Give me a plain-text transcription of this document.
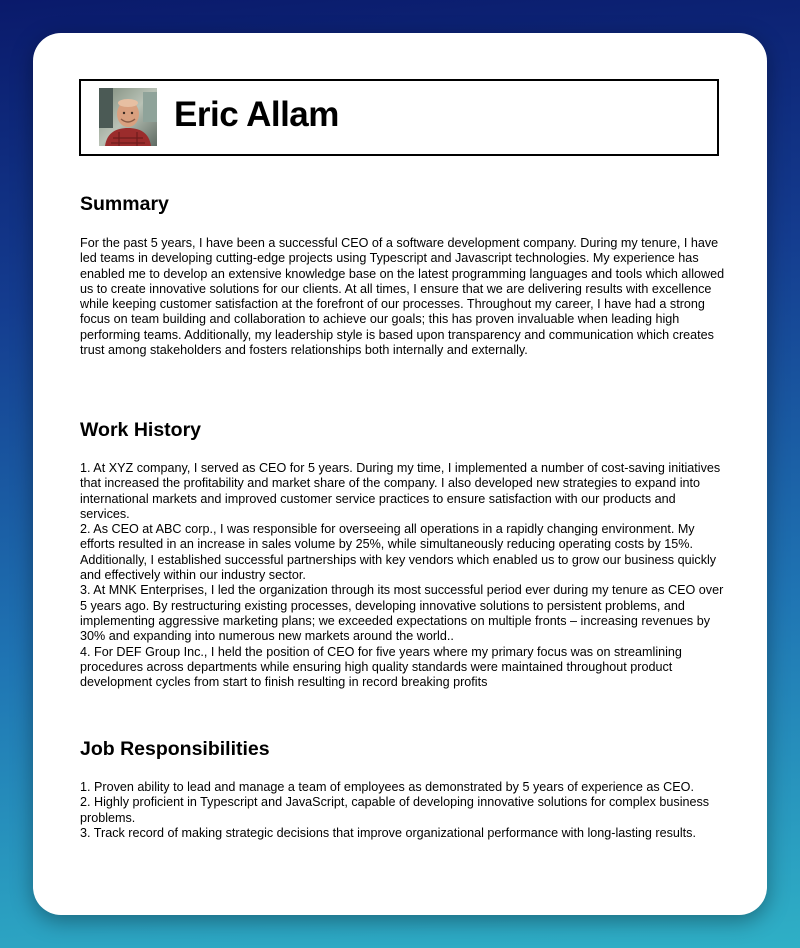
Eric Allam
Summary

For the past 5 years, I have been a successful CEO of a software development company. During my tenure, I have led teams in developing cutting-edge projects using Typescript and Javascript technologies. My experience has enabled me to develop an extensive knowledge base on the latest programming languages and tools which allowed us to create innovative solutions for our clients. At all times, I ensure that we are delivering results with excellence while keeping customer satisfaction at the forefront of our processes. Throughout my career, I have had a strong focus on team building and collaboration to achieve our goals; this has proven invaluable when leading high performing teams. Additionally, my leadership style is based upon transparency and communication which creates trust among stakeholders and fosters relationships both internally and externally.

Work History

1. At XYZ company, I served as CEO for 5 years. During my time, I implemented a number of cost-saving initiatives that increased the profitability and market share of the company. I also developed new strategies to expand into international markets and improved customer service practices to ensure satisfaction with our products and services.
2. As CEO at ABC corp., I was responsible for overseeing all operations in a rapidly changing environment. My efforts resulted in an increase in sales volume by 25%, while simultaneously reducing operating costs by 15%. Additionally, I established successful partnerships with key vendors which enabled us to grow our business quickly and effectively within our industry sector.
3. At MNK Enterprises, I led the organization through its most successful period ever during my tenure as CEO over 5 years ago. By restructuring existing processes, developing innovative solutions to persistent problems, and implementing aggressive marketing plans; we exceeded expectations on multiple fronts – increasing revenues by 30% and expanding into numerous new markets around the world..
4. For DEF Group Inc., I held the position of CEO for five years where my primary focus was on streamlining procedures across departments while ensuring high quality standards were maintained throughout product development cycles from start to finish resulting in record breaking profits

Job Responsibilities

1. Proven ability to lead and manage a team of employees as demonstrated by 5 years of experience as CEO.
2. Highly proficient in Typescript and JavaScript, capable of developing innovative solutions for complex business problems.
3. Track record of making strategic decisions that improve organizational performance with long-lasting results.
